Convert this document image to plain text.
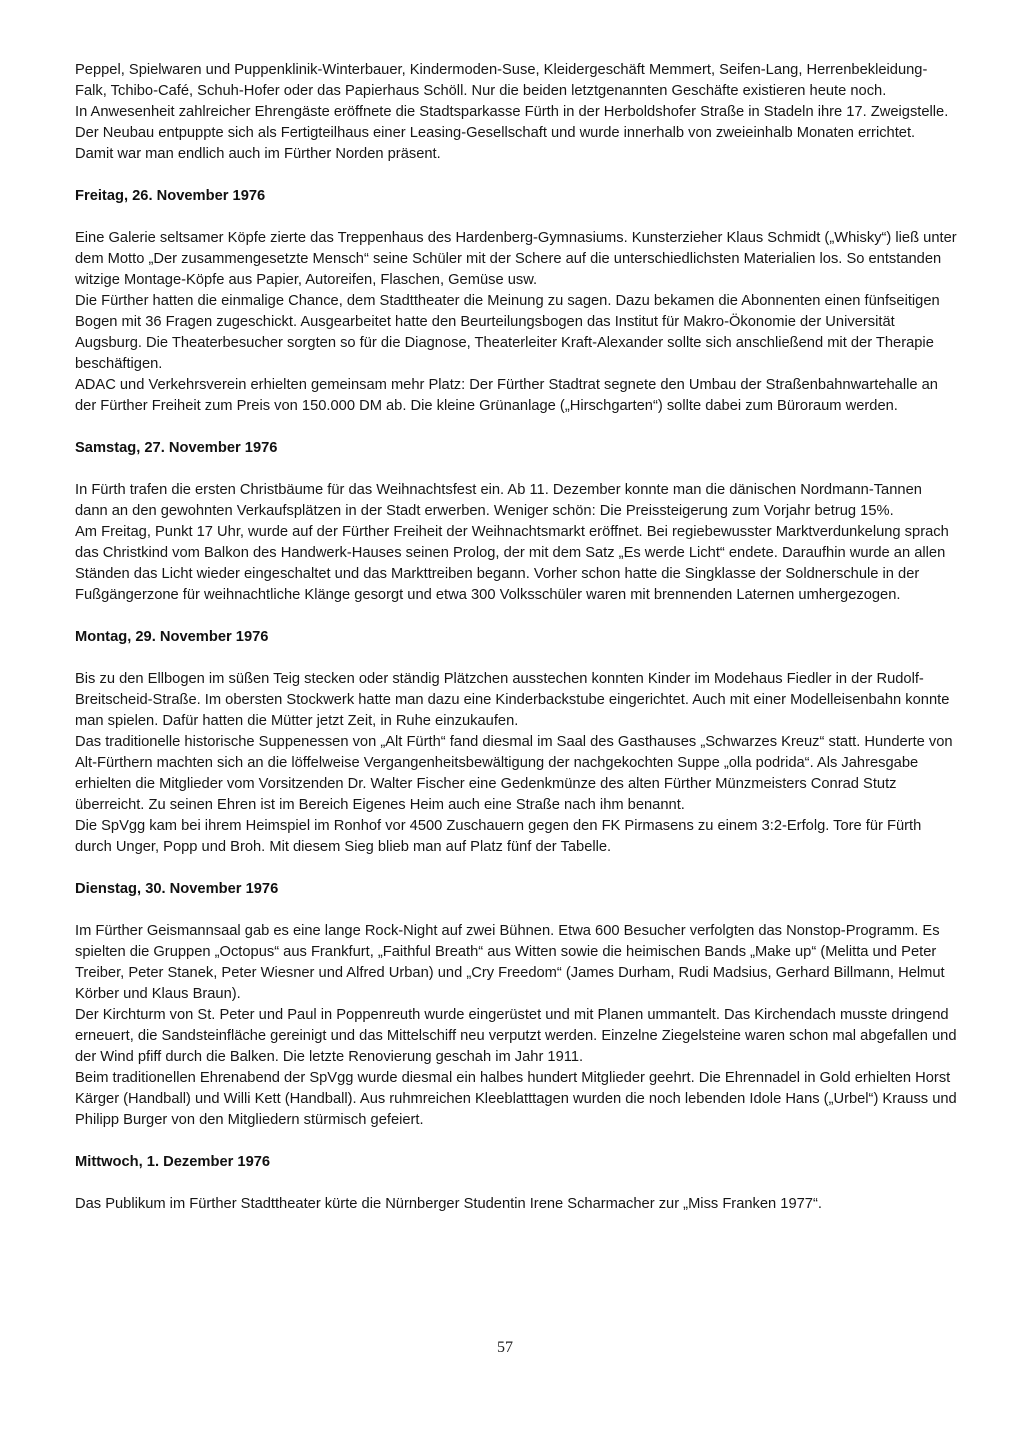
Peppel, Spielwaren und Puppenklinik-Winterbauer, Kindermoden-Suse, Kleidergeschäft Memmert, Seifen-Lang, Herrenbekleidung-Falk, Tchibo-Café, Schuh-Hofer oder das Papierhaus Schöll. Nur die beiden letztgenannten Geschäfte existieren heute noch.

In Anwesenheit zahlreicher Ehrengäste eröffnete die Stadtsparkasse Fürth in der Herboldshofer Straße in Stadeln ihre 17. Zweigstelle. Der Neubau entpuppte sich als Fertigteilhaus einer Leasing-Gesellschaft und wurde innerhalb von zweieinhalb Monaten errichtet. Damit war man endlich auch im Fürther Norden präsent.

Freitag, 26. November 1976

Eine Galerie seltsamer Köpfe zierte das Treppenhaus des Hardenberg-Gymnasiums. Kunsterzieher Klaus Schmidt („Whisky“) ließ unter dem Motto „Der zusammengesetzte Mensch“ seine Schüler mit der Schere auf die unterschiedlichsten Materialien los. So entstanden witzige Montage-Köpfe aus Papier, Autoreifen, Flaschen, Gemüse usw.

Die Fürther hatten die einmalige Chance, dem Stadttheater die Meinung zu sagen. Dazu bekamen die Abonnenten einen fünfseitigen Bogen mit 36 Fragen zugeschickt. Ausgearbeitet hatte den Beurteilungsbogen das Institut für Makro-Ökonomie der Universität Augsburg. Die Theaterbesucher sorgten so für die Diagnose, Theaterleiter Kraft-Alexander sollte sich anschließend mit der Therapie beschäftigen.

ADAC und Verkehrsverein erhielten gemeinsam mehr Platz: Der Fürther Stadtrat segnete den Umbau der Straßenbahnwartehalle an der Fürther Freiheit zum Preis von 150.000 DM ab. Die kleine Grünanlage („Hirschgarten“) sollte dabei zum Büroraum werden.

Samstag, 27. November 1976

In Fürth trafen die ersten Christbäume für das Weihnachtsfest ein. Ab 11. Dezember konnte man die dänischen Nordmann-Tannen dann an den gewohnten Verkaufsplätzen in der Stadt erwerben. Weniger schön: Die Preissteigerung zum Vorjahr betrug 15%.

Am Freitag, Punkt 17 Uhr, wurde auf der Fürther Freiheit der Weihnachtsmarkt eröffnet. Bei regiebewusster Marktverdunkelung sprach das Christkind vom Balkon des Handwerk-Hauses seinen Prolog, der mit dem Satz „Es werde Licht“ endete. Daraufhin wurde an allen Ständen das Licht wieder eingeschaltet und das Markttreiben begann. Vorher schon hatte die Singklasse der Soldnerschule in der Fußgängerzone für weihnachtliche Klänge gesorgt und etwa 300 Volksschüler waren mit brennenden Laternen umhergezogen.

Montag, 29. November 1976

Bis zu den Ellbogen im süßen Teig stecken oder ständig Plätzchen ausstechen konnten Kinder im Modehaus Fiedler in der Rudolf-Breitscheid-Straße. Im obersten Stockwerk hatte man dazu eine Kinderbackstube eingerichtet. Auch mit einer Modelleisenbahn konnte man spielen. Dafür hatten die Mütter jetzt Zeit, in Ruhe einzukaufen.

Das traditionelle historische Suppenessen von „Alt Fürth“ fand diesmal im Saal des Gasthauses „Schwarzes Kreuz“ statt. Hunderte von Alt-Fürthern machten sich an die löffelweise Vergangenheitsbewältigung der nachgekochten Suppe „olla podrida“. Als Jahresgabe erhielten die Mitglieder vom Vorsitzenden Dr. Walter Fischer eine Gedenkmünze des alten Fürther Münzmeisters Conrad Stutz überreicht. Zu seinen Ehren ist im Bereich Eigenes Heim auch eine Straße nach ihm benannt.

Die SpVgg kam bei ihrem Heimspiel im Ronhof vor 4500 Zuschauern gegen den FK Pirmasens zu einem 3:2-Erfolg. Tore für Fürth durch Unger, Popp und Broh. Mit diesem Sieg blieb man auf Platz fünf der Tabelle.

Dienstag, 30. November 1976

Im Fürther Geismannsaal gab es eine lange Rock-Night auf zwei Bühnen. Etwa 600 Besucher verfolgten das Nonstop-Programm. Es spielten die Gruppen „Octopus“ aus Frankfurt, „Faithful Breath“ aus Witten sowie die heimischen Bands „Make up“ (Melitta und Peter Treiber, Peter Stanek, Peter Wiesner und Alfred Urban) und „Cry Freedom“ (James Durham, Rudi Madsius, Gerhard Billmann, Helmut Körber und Klaus Braun).

Der Kirchturm von St. Peter und Paul in Poppenreuth wurde eingerüstet und mit Planen ummantelt. Das Kirchendach musste dringend erneuert, die Sandsteinfläche gereinigt und das Mittelschiff neu verputzt werden. Einzelne Ziegelsteine waren schon mal abgefallen und der Wind pfiff durch die Balken. Die letzte Renovierung geschah im Jahr 1911.

Beim traditionellen Ehrenabend der SpVgg wurde diesmal ein halbes hundert Mitglieder geehrt. Die Ehrennadel in Gold erhielten Horst Kärger (Handball) und Willi Kett (Handball). Aus ruhmreichen Kleeblatttagen wurden die noch lebenden Idole Hans („Urbel“) Krauss und Philipp Burger von den Mitgliedern stürmisch gefeiert.

Mittwoch, 1. Dezember 1976

Das Publikum im Fürther Stadttheater kürte die Nürnberger Studentin Irene Scharmacher zur „Miss Franken 1977“.

57
